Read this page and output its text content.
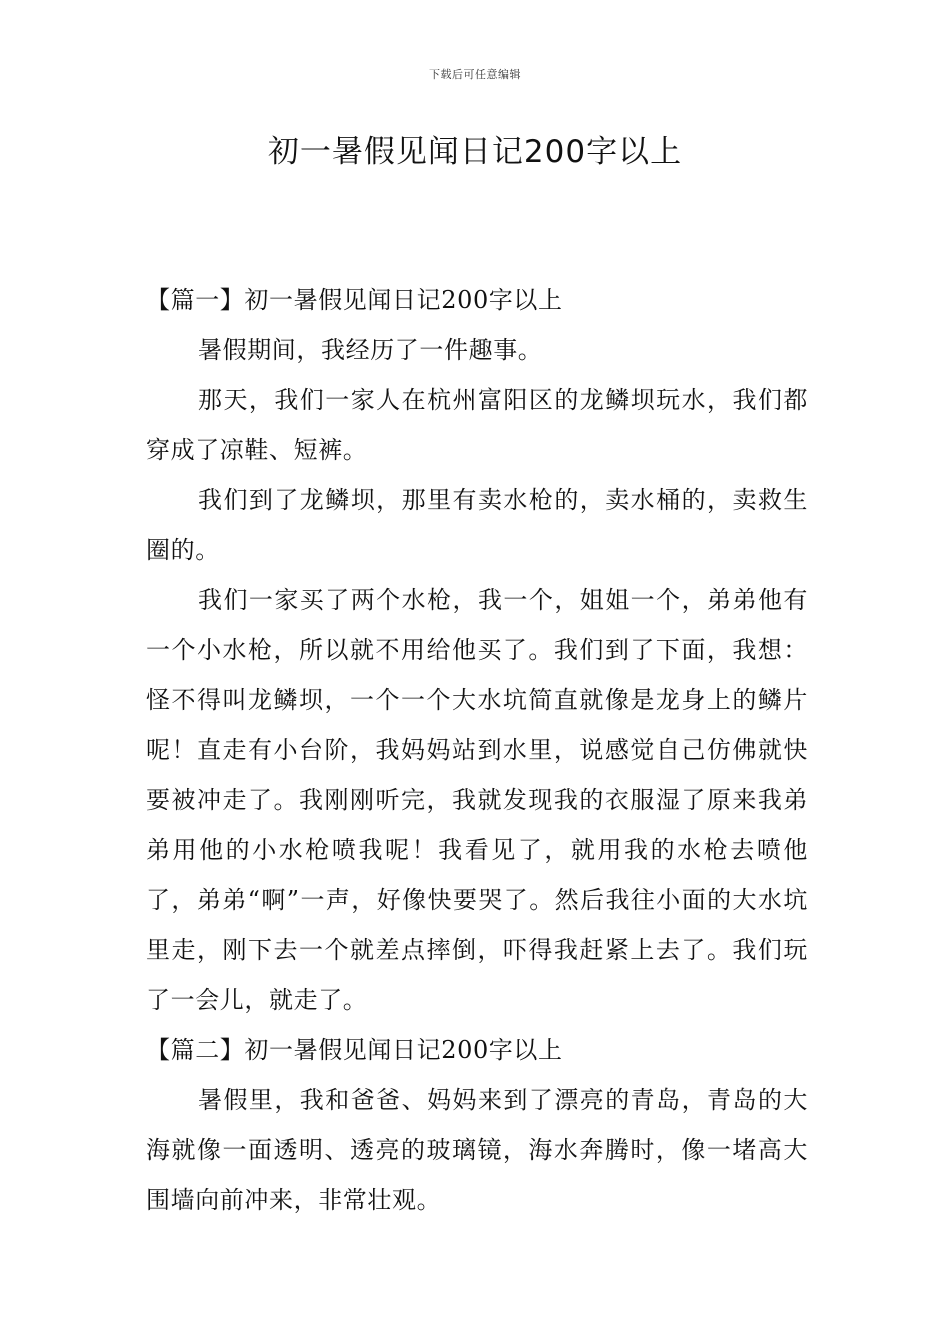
下载后可任意编辑
初一暑假见闻日记200字以上

【篇一】初一暑假见闻日记200字以上

暑假期间，我经历了一件趣事。

那天，我们一家人在杭州富阳区的龙鳞坝玩水，我们都穿成了凉鞋、短裤。

我们到了龙鳞坝，那里有卖水枪的，卖水桶的，卖救生圈的。

我们一家买了两个水枪，我一个，姐姐一个，弟弟他有一个小水枪，所以就不用给他买了。我们到了下面，我想：怪不得叫龙鳞坝，一个一个大水坑简直就像是龙身上的鳞片呢！直走有小台阶，我妈妈站到水里，说感觉自己仿佛就快要被冲走了。我刚刚听完，我就发现我的衣服湿了原来我弟弟用他的小水枪喷我呢！我看见了，就用我的水枪去喷他了，弟弟“啊”一声，好像快要哭了。然后我往小面的大水坑里走，刚下去一个就差点摔倒，吓得我赶紧上去了。我们玩了一会儿，就走了。

【篇二】初一暑假见闻日记200字以上

暑假里，我和爸爸、妈妈来到了漂亮的青岛，青岛的大海就像一面透明、透亮的玻璃镜，海水奔腾时，像一堵高大围墙向前冲来，非常壮观。
